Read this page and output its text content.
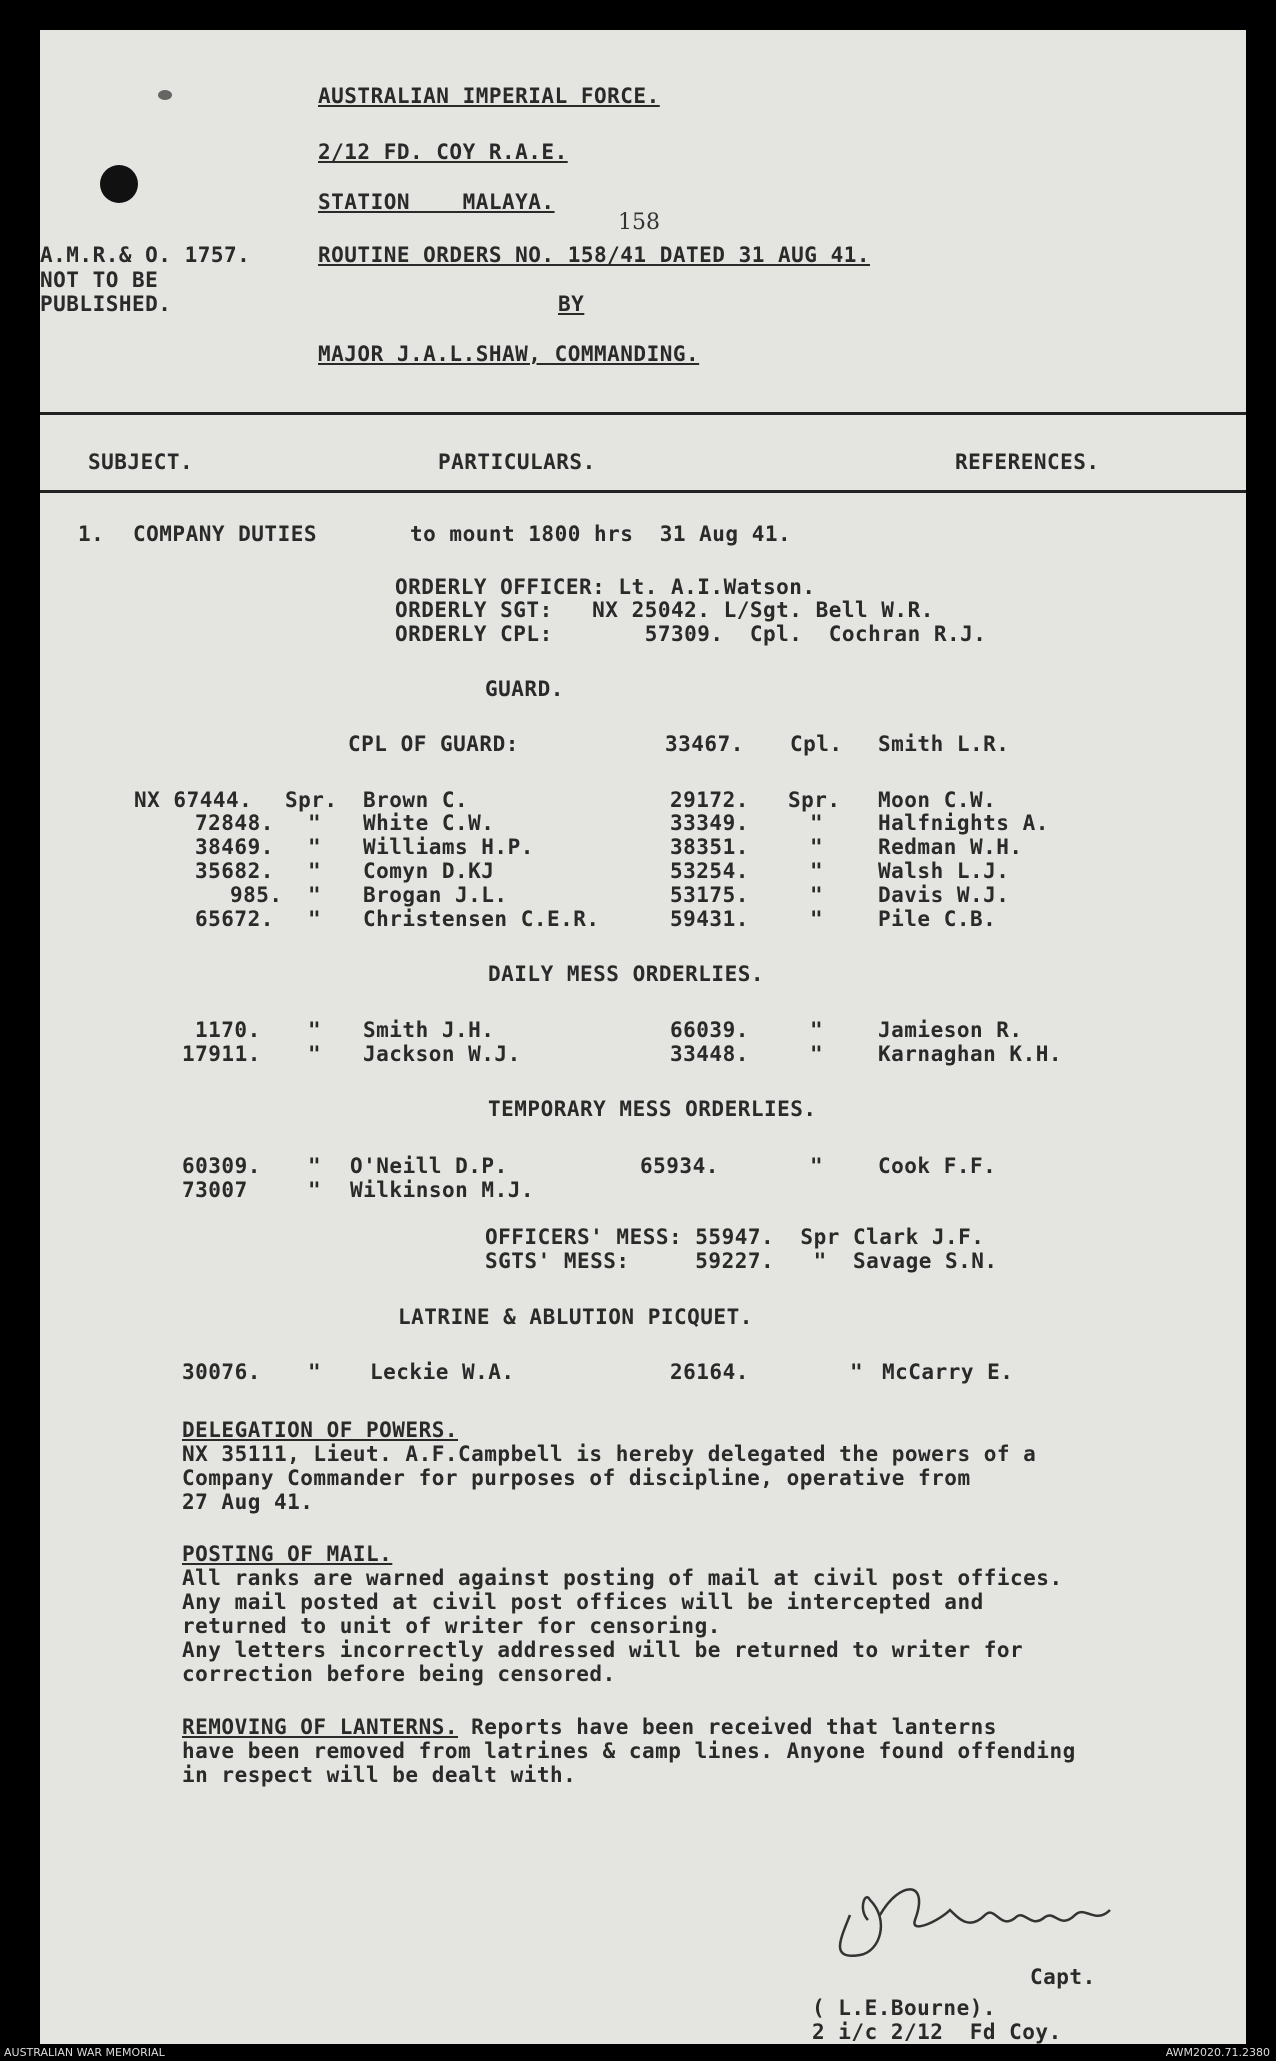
AUSTRALIAN IMPERIAL FORCE.
2/12 FD. COY R.A.E.
STATION    MALAYA.
A.M.R.& O. 1757.
NOT TO BE
PUBLISHED.
158
ROUTINE ORDERS NO. 158/41 DATED 31 AUG 41.
BY
MAJOR J.A.L.SHAW, COMMANDING.
SUBJECT.	PARTICULARS.	REFERENCES.
1. COMPANY DUTIES	to mount 1800 hrs  31 Aug 41.
ORDERLY OFFICER: Lt. A.I.Watson.
ORDERLY SGT:   NX 25042. L/Sgt. Bell W.R.
ORDERLY CPL:       57309.  Cpl.  Cochran R.J.
GUARD.
CPL OF GUARD:	33467. Cpl. Smith L.R.
NX 67444. Spr. Brown C.	29172. Spr. Moon C.W.
72848. " White C.W.	33349.	"	Halfnights A.
38469. " Williams H.P.	38351.	"	Redman W.H.
35682. " Comyn D.KJ	53254.	"	Walsh L.J.
985. " Brogan J.L.	53175.	"	Davis W.J.
65672. " Christensen C.E.R.	59431.	"	Pile C.B.
DAILY MESS ORDERLIES.
1170. " Smith J.H.	66039.	"	Jamieson R.
17911. " Jackson W.J.	33448.	"	Karnaghan K.H.
TEMPORARY MESS ORDERLIES.
60309. " O'Neill D.P.	65934.	"	Cook F.F.
73007	" Wilkinson M.J.
OFFICERS' MESS: 55947.  Spr Clark J.F.
SGTS' MESS:     59227.   "  Savage S.N.
LATRINE & ABLUTION PICQUET.
30076. " Leckie W.A.	26164.	" McCarry E.
DELEGATION OF POWERS.
NX 35111, Lieut. A.F.Campbell is hereby delegated the powers of a
Company Commander for purposes of discipline, operative from
27 Aug 41.
POSTING OF MAIL.
All ranks are warned against posting of mail at civil post offices.
Any mail posted at civil post offices will be intercepted and
returned to unit of writer for censoring.
Any letters incorrectly addressed will be returned to writer for
correction before being censored.
REMOVING OF LANTERNS. Reports have been received that lanterns
have been removed from latrines & camp lines. Anyone found offending
in respect will be dealt with.
Capt.
( L.E.Bourne).
2 i/c 2/12  Fd Coy.
AUSTRALIAN WAR MEMORIAL	AWM2020.71.2380
